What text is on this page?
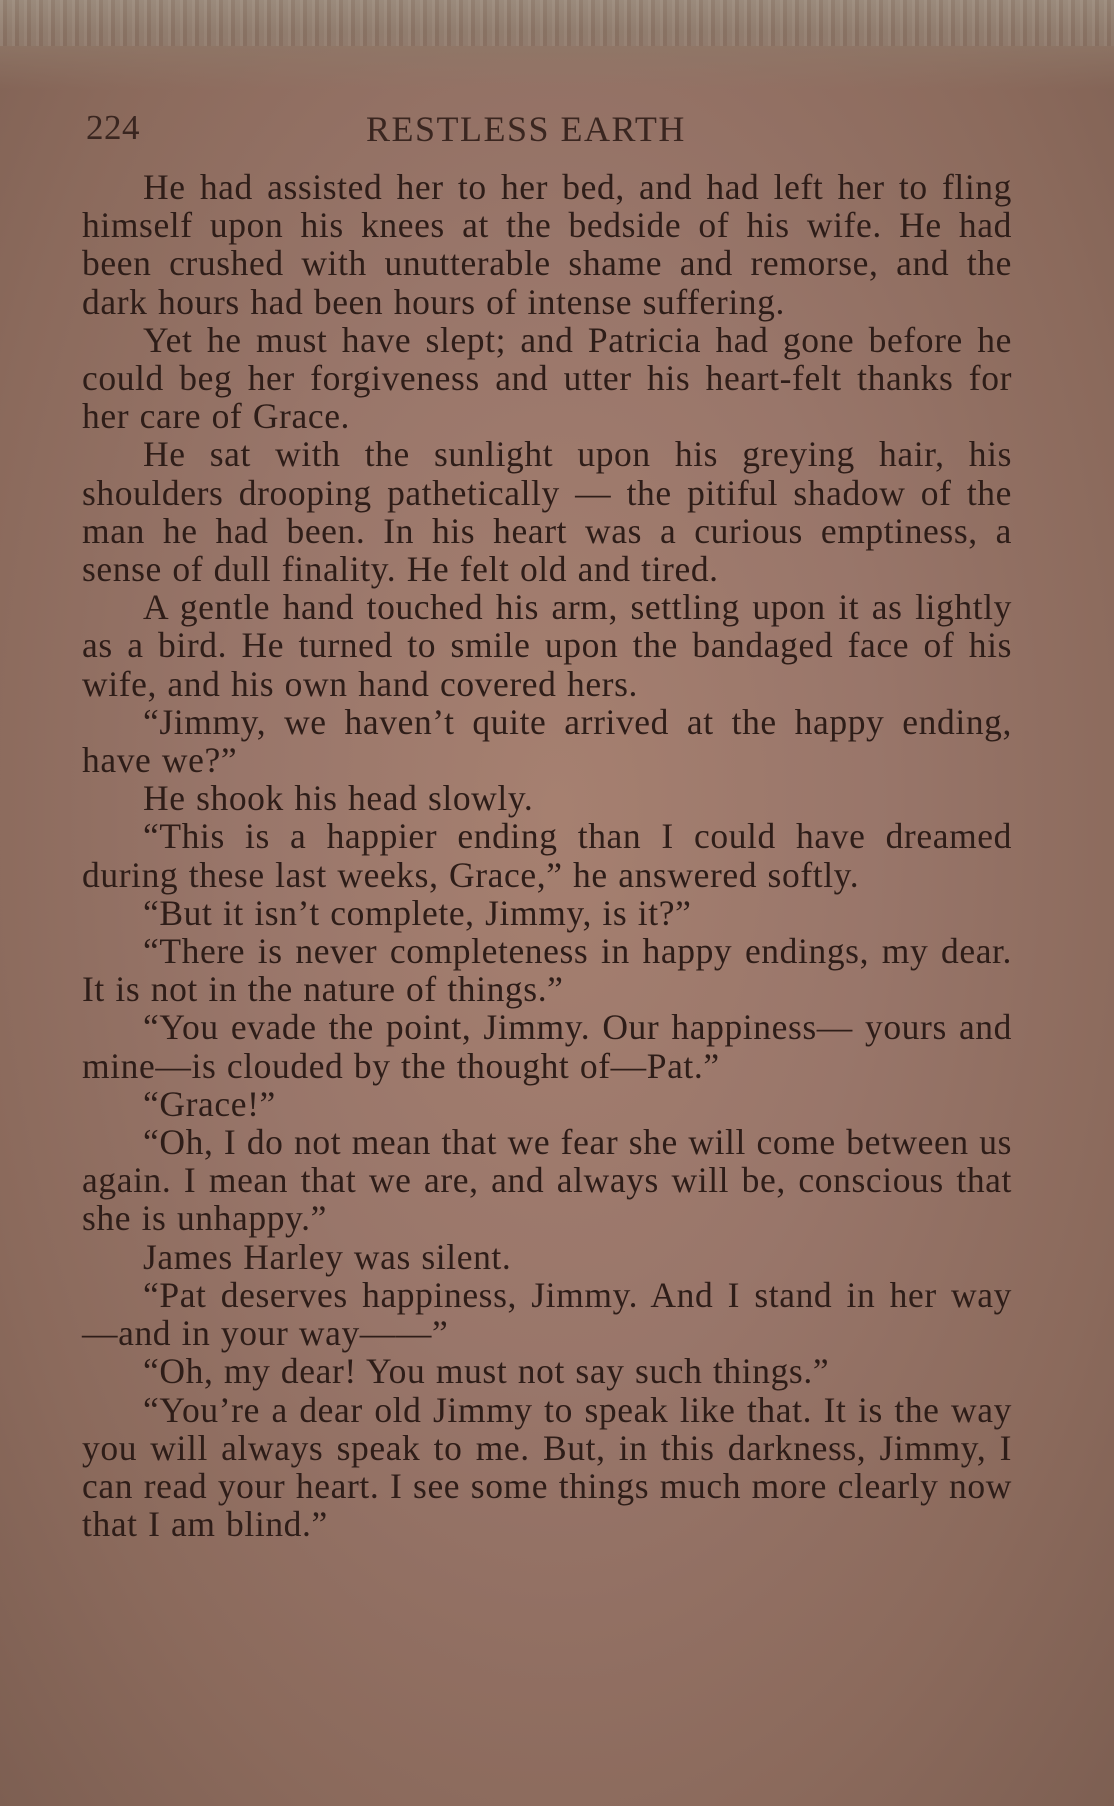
224	RESTLESS EARTH

He had assisted her to her bed, and had left her to fling himself upon his knees at the bedside of his wife. He had been crushed with unutterable shame and remorse, and the dark hours had been hours of intense suffering.

Yet he must have slept; and Patricia had gone before he could beg her forgiveness and utter his heart-felt thanks for her care of Grace.

He sat with the sunlight upon his greying hair, his shoulders drooping pathetically — the pitiful shadow of the man he had been. In his heart was a curious emptiness, a sense of dull finality. He felt old and tired.

A gentle hand touched his arm, settling upon it as lightly as a bird. He turned to smile upon the bandaged face of his wife, and his own hand covered hers.

“Jimmy, we haven’t quite arrived at the happy ending, have we?”

He shook his head slowly.

“This is a happier ending than I could have dreamed during these last weeks, Grace,” he answered softly.

“But it isn’t complete, Jimmy, is it?”

“There is never completeness in happy endings, my dear. It is not in the nature of things.”

“You evade the point, Jimmy. Our happiness— yours and mine—is clouded by the thought of—Pat.”

“Grace!”

“Oh, I do not mean that we fear she will come between us again. I mean that we are, and always will be, conscious that she is unhappy.”

James Harley was silent.

“Pat deserves happiness, Jimmy. And I stand in her way—and in your way——”

“Oh, my dear! You must not say such things.”

“You’re a dear old Jimmy to speak like that. It is the way you will always speak to me. But, in this darkness, Jimmy, I can read your heart. I see some things much more clearly now that I am blind.”
